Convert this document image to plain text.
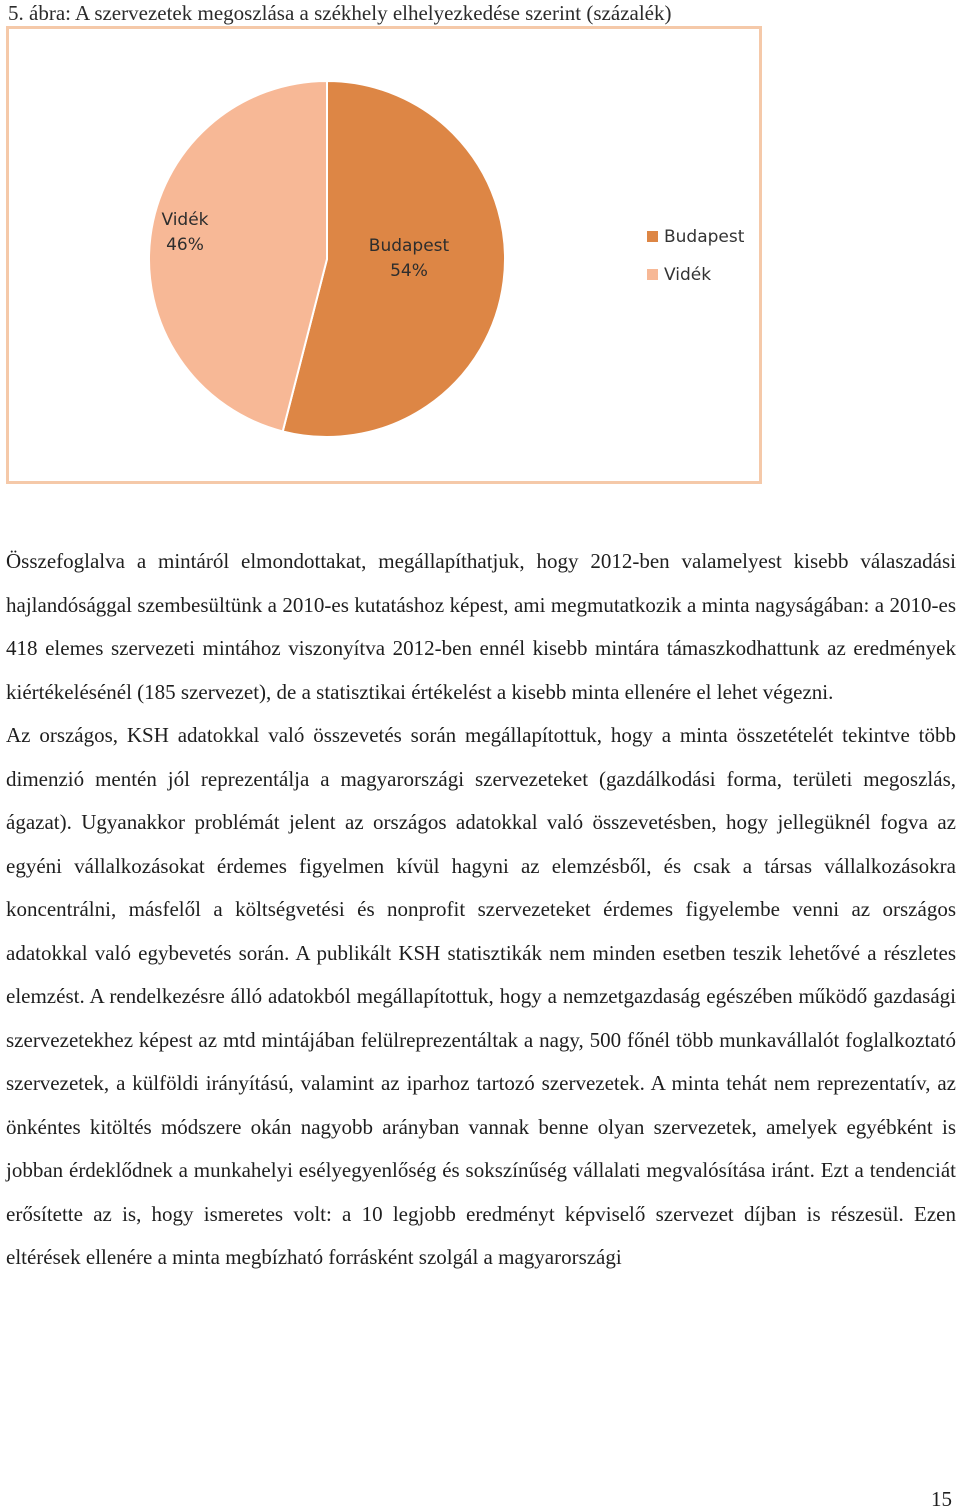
5. ábra: A szervezetek megoszlása a székhely elhelyezkedése szerint (százalék)
Budapest
54%
Vidék
46%	Budapest
Vidék

Összefoglalva a mintáról elmondottakat, megállapíthatjuk, hogy 2012-ben valamelyest kisebb válaszadási hajlandósággal szembesültünk a 2010-es kutatáshoz képest, ami megmutatkozik a minta nagyságában: a 2010-es 418 elemes szervezeti mintához viszonyítva 2012-ben ennél kisebb mintára támaszkodhattunk az eredmények kiértékelésénél (185 szervezet), de a statisztikai értékelést a kisebb minta ellenére el lehet végezni.

Az országos, KSH adatokkal való összevetés során megállapítottuk, hogy a minta összetételét tekintve több dimenzió mentén jól reprezentálja a magyarországi szervezeteket (gazdálkodási forma, területi megoszlás, ágazat). Ugyanakkor problémát jelent az országos adatokkal való összevetésben, hogy jellegüknél fogva az egyéni vállalkozásokat érdemes figyelmen kívül hagyni az elemzésből, és csak a társas vállalkozásokra koncentrálni, másfelől a költségvetési és nonprofit szervezeteket érdemes figyelembe venni az országos adatokkal való egybevetés során. A publikált KSH statisztikák nem minden esetben teszik lehetővé a részletes elemzést. A rendelkezésre álló adatokból megállapítottuk, hogy a nemzetgazdaság egészében működő gazdasági szervezetekhez képest az mtd mintájában felülreprezentáltak a nagy, 500 főnél több munkavállalót foglalkoztató szervezetek, a külföldi irányítású, valamint az iparhoz tartozó szervezetek. A minta tehát nem reprezentatív, az önkéntes kitöltés módszere okán nagyobb arányban vannak benne olyan szervezetek, amelyek egyébként is jobban érdeklődnek a munkahelyi esélyegyenlőség és sokszínűség vállalati megvalósítása iránt. Ezt a tendenciát erősítette az is, hogy ismeretes volt: a 10 legjobb eredményt képviselő szervezet díjban is részesül. Ezen eltérések ellenére a minta megbízható forrásként szolgál a magyarországi

15
